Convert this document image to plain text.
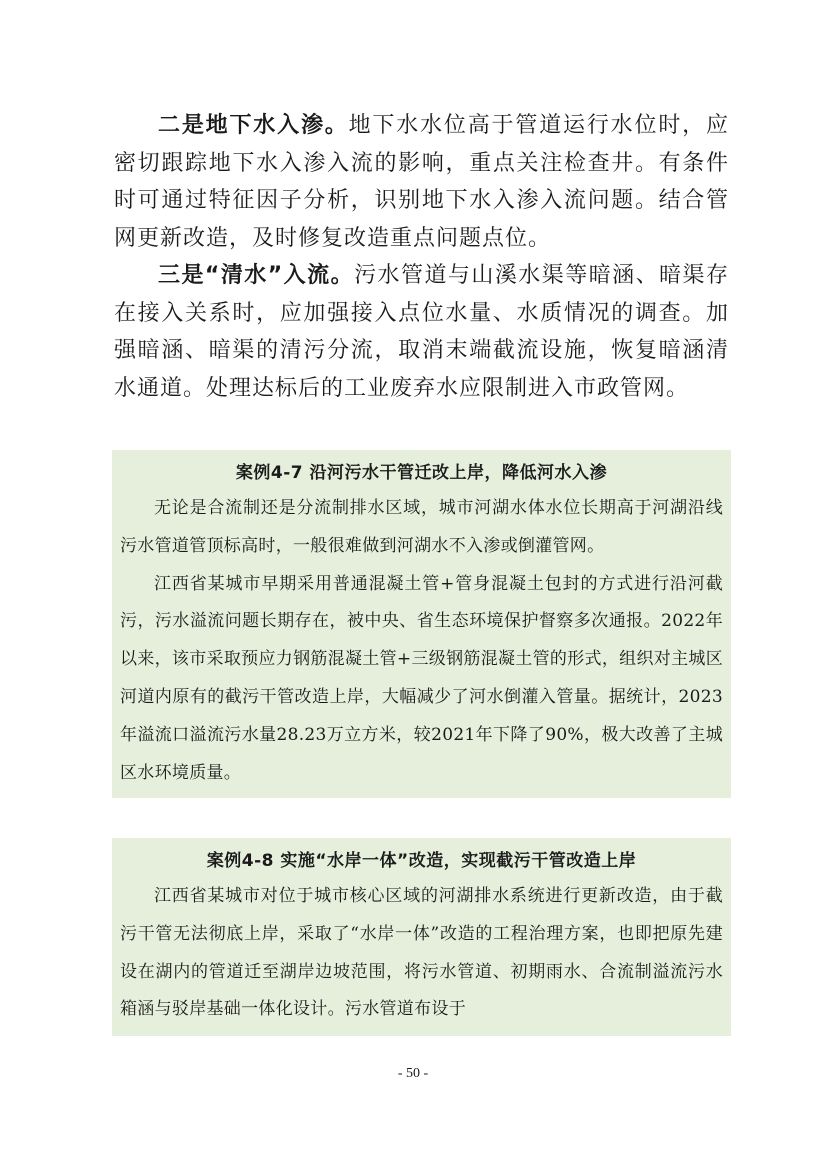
二是地下水入渗。地下水水位高于管道运行水位时，应密切跟踪地下水入渗入流的影响，重点关注检查井。有条件时可通过特征因子分析，识别地下水入渗入流问题。结合管网更新改造，及时修复改造重点问题点位。

三是“清水”入流。污水管道与山溪水渠等暗涵、暗渠存在接入关系时，应加强接入点位水量、水质情况的调查。加强暗涵、暗渠的清污分流，取消末端截流设施，恢复暗涵清水通道。处理达标后的工业废弃水应限制进入市政管网。

案例4-7 沿河污水干管迁改上岸，降低河水入渗

无论是合流制还是分流制排水区域，城市河湖水体水位长期高于河湖沿线污水管道管顶标高时，一般很难做到河湖水不入渗或倒灌管网。

江西省某城市早期采用普通混凝土管+管身混凝土包封的方式进行沿河截污，污水溢流问题长期存在，被中央、省生态环境保护督察多次通报。2022年以来，该市采取预应力钢筋混凝土管+三级钢筋混凝土管的形式，组织对主城区河道内原有的截污干管改造上岸，大幅减少了河水倒灌入管量。据统计，2023年溢流口溢流污水量28.23万立方米，较2021年下降了90%，极大改善了主城区水环境质量。

案例4-8 实施“水岸一体”改造，实现截污干管改造上岸

江西省某城市对位于城市核心区域的河湖排水系统进行更新改造，由于截污干管无法彻底上岸，采取了“水岸一体”改造的工程治理方案，也即把原先建设在湖内的管道迁至湖岸边坡范围，将污水管道、初期雨水、合流制溢流污水箱涵与驳岸基础一体化设计。污水管道布设于

- 50 -
